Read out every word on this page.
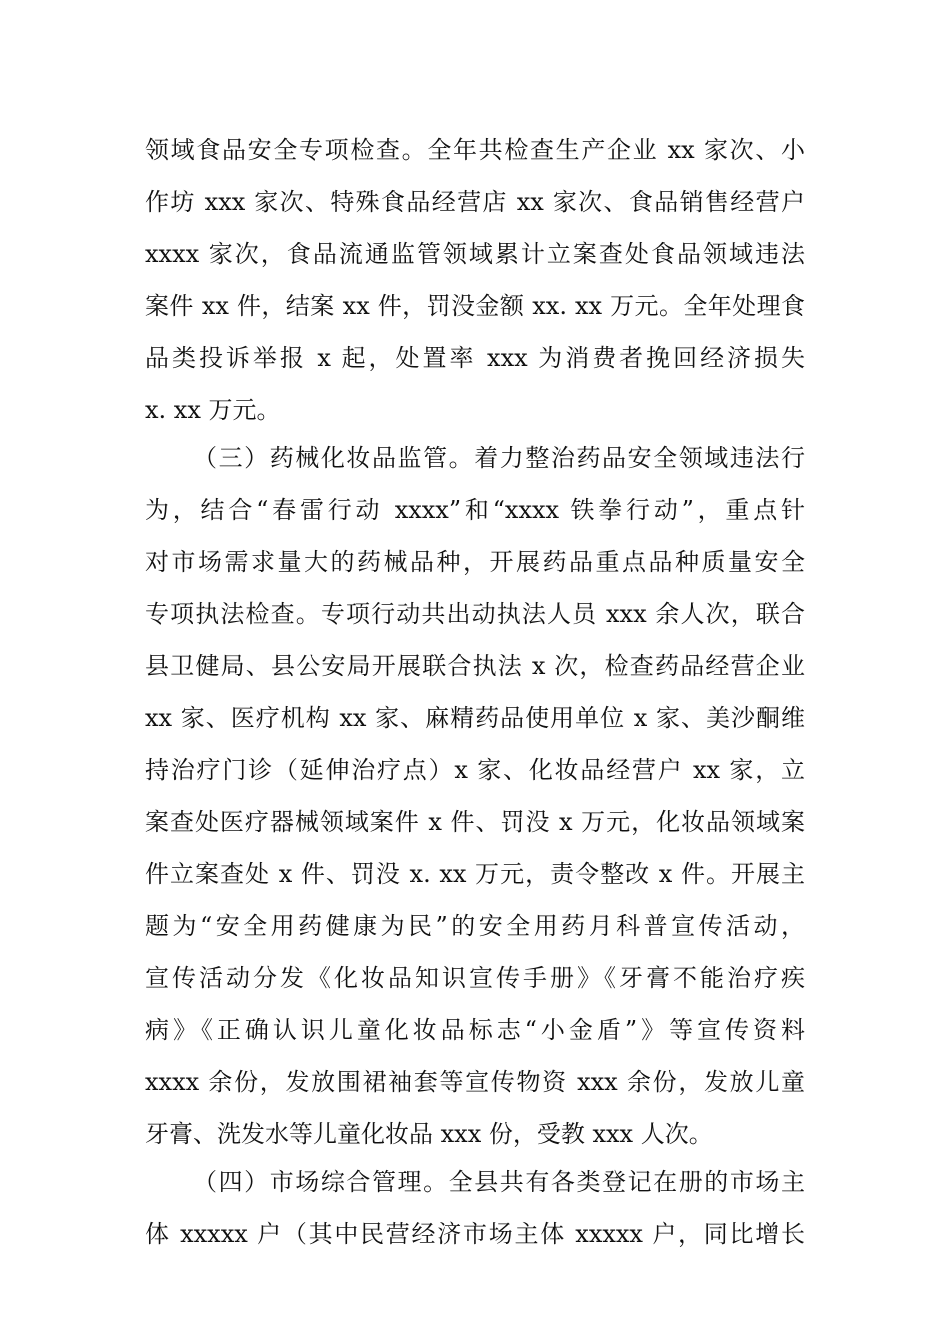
领域食品安全专项检查。全年共检查生产企业 xx 家次、小
作坊 xxx 家次、特殊食品经营店 xx 家次、食品销售经营户
xxxx 家次，食品流通监管领域累计立案查处食品领域违法
案件 xx 件，结案 xx 件，罚没金额 xx. xx 万元。全年处理食
品类投诉举报 x 起，处置率 xxx 为消费者挽回经济损失
x. xx 万元。
（三）药械化妆品监管。着力整治药品安全领域违法行
为，结合“春雷行动 xxxx”和“xxxx 铁拳行动”，重点针
对市场需求量大的药械品种，开展药品重点品种质量安全
专项执法检查。专项行动共出动执法人员 xxx 余人次，联合
县卫健局、县公安局开展联合执法 x 次，检查药品经营企业
xx 家、医疗机构 xx 家、麻精药品使用单位 x 家、美沙酮维
持治疗门诊（延伸治疗点）x 家、化妆品经营户 xx 家，立
案查处医疗器械领域案件 x 件、罚没 x 万元，化妆品领域案
件立案查处 x 件、罚没 x. xx 万元，责令整改 x 件。开展主
题为“安全用药健康为民”的安全用药月科普宣传活动，
宣传活动分发《化妆品知识宣传手册》《牙膏不能治疗疾
病》《正确认识儿童化妆品标志“小金盾”》等宣传资料
xxxx 余份，发放围裙袖套等宣传物资 xxx 余份，发放儿童
牙膏、洗发水等儿童化妆品 xxx 份，受教 xxx 人次。
（四）市场综合管理。全县共有各类登记在册的市场主
体 xxxxx 户（其中民营经济市场主体 xxxxx 户，同比增长
